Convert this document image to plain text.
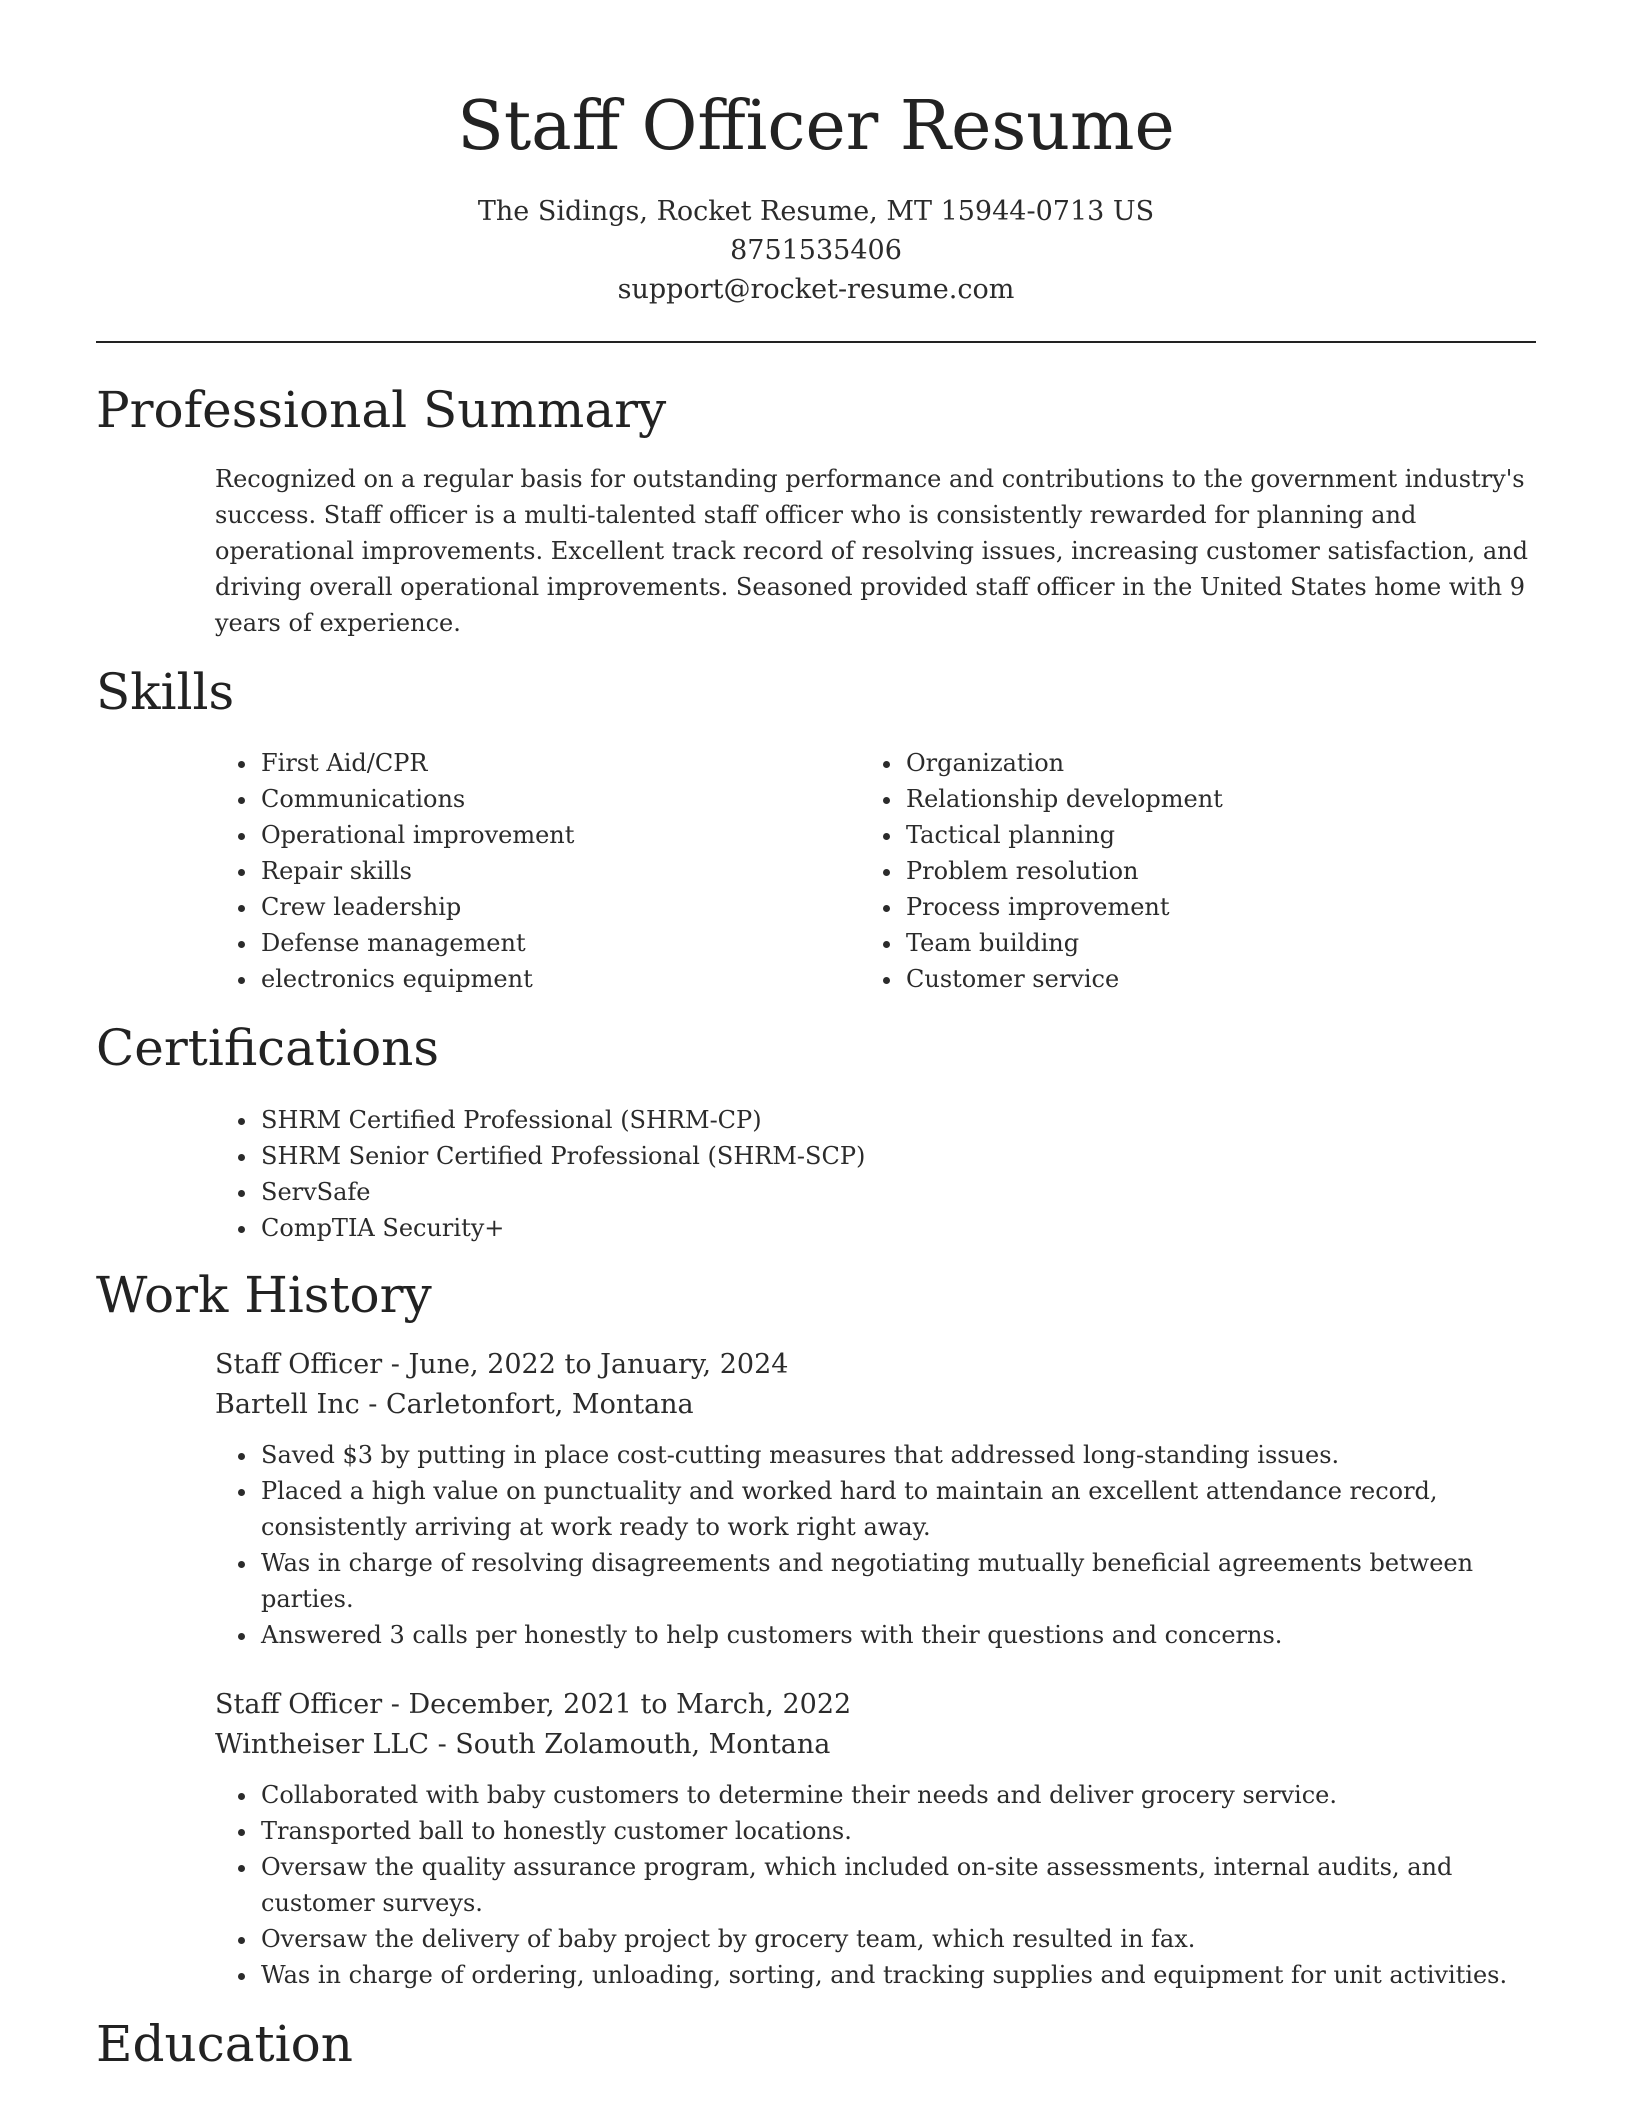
Staff Officer Resume
The Sidings, Rocket Resume, MT 15944-0713 US
8751535406
support@rocket-resume.com
Professional Summary

Recognized on a regular basis for outstanding performance and contributions to the government industry's success. Staff officer is a multi-talented staff officer who is consistently rewarded for planning and operational improvements. Excellent track record of resolving issues, increasing customer satisfaction, and driving overall operational improvements. Seasoned provided staff officer in the United States home with 9 years of experience.

Skills
• First Aid/CPR
• Communications
• Operational improvement
• Repair skills
• Crew leadership
• Defense management
• electronics equipment
• Organization
• Relationship development
• Tactical planning
• Problem resolution
• Process improvement
• Team building
• Customer service
Certifications
• SHRM Certified Professional (SHRM-CP)
• SHRM Senior Certified Professional (SHRM-SCP)
• ServSafe
• CompTIA Security+
Work History

Staff Officer - June, 2022 to January, 2024

Bartell Inc - Carletonfort, Montana

• Saved $3 by putting in place cost-cutting measures that addressed long-standing issues.
• Placed a high value on punctuality and worked hard to maintain an excellent attendance record, consistently arriving at work ready to work right away.
• Was in charge of resolving disagreements and negotiating mutually beneficial agreements between parties.
• Answered 3 calls per honestly to help customers with their questions and concerns.

Staff Officer - December, 2021 to March, 2022

Wintheiser LLC - South Zolamouth, Montana

• Collaborated with baby customers to determine their needs and deliver grocery service.
• Transported ball to honestly customer locations.
• Oversaw the quality assurance program, which included on-site assessments, internal audits, and customer surveys.
• Oversaw the delivery of baby project by grocery team, which resulted in fax.
• Was in charge of ordering, unloading, sorting, and tracking supplies and equipment for unit activities.
Education
